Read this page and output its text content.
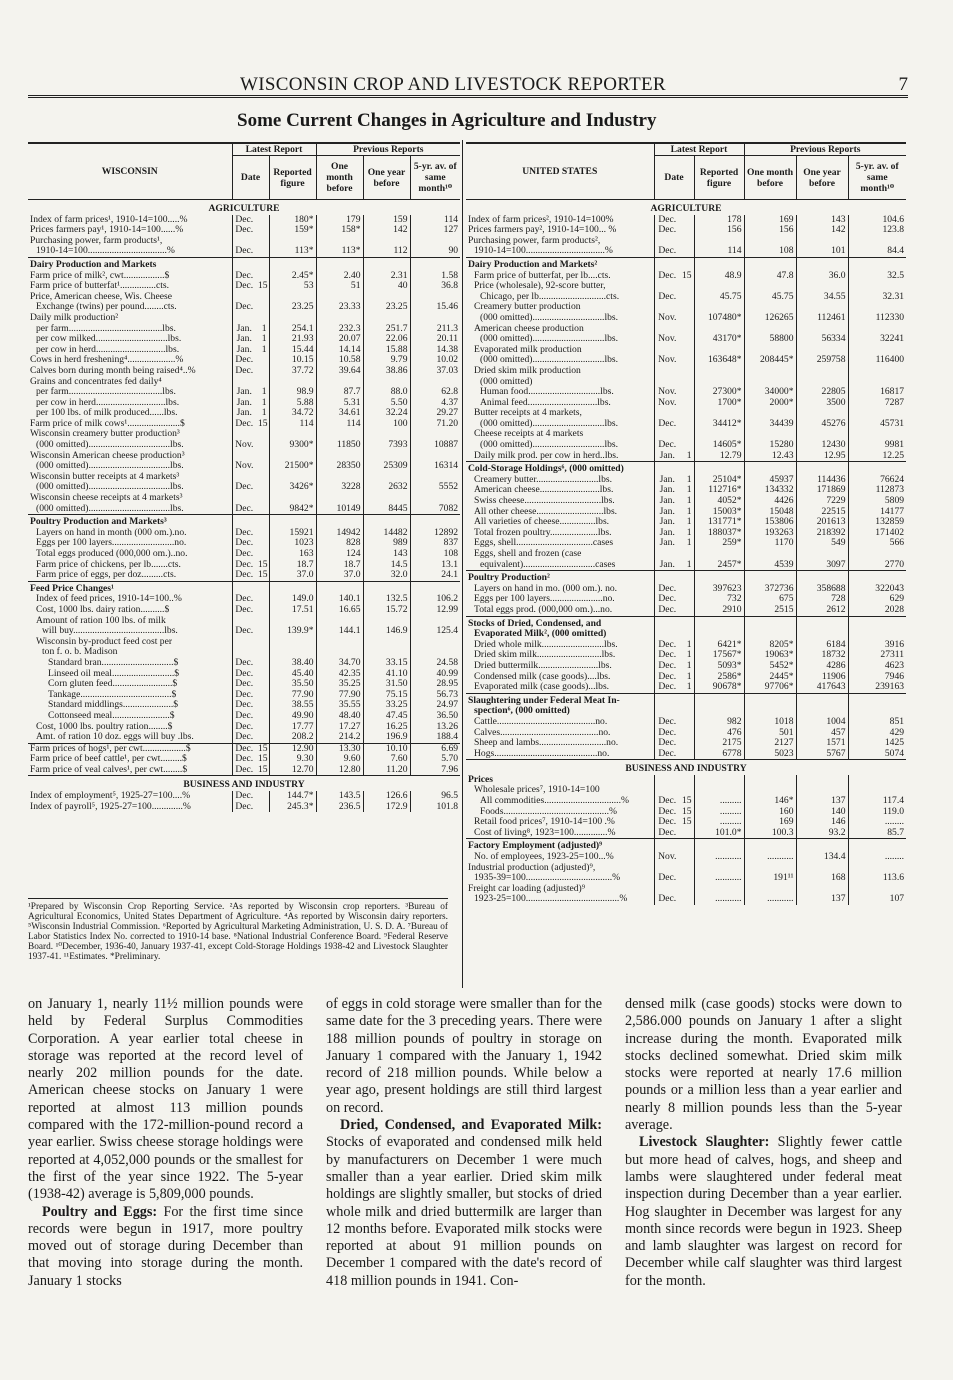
WISCONSIN CROP AND LIVESTOCK REPORTER	7
Some Current Changes in Agriculture and Industry
WISCONSIN	Latest Report			Previous Reports		
	Date		Reported figure	One month before	One year before	5-yr. av. of same month¹⁰
AGRICULTURE						
Index of farm prices¹, 1910-14=100.....%	Dec.		180*	179	159	114
Prices farmers pay¹, 1910-14=100......%	Dec.		159*	158*	142	127
Purchasing power, farm products¹,						
1910-14=100.................................%	Dec.		113*	113*	112	90
Dairy Production and Markets						
Farm price of milk², cwt.................$	Dec.		2.45*	2.40	2.31	1.58
Farm price of butterfat¹...............cts.	Dec.	15	53	51	40	36.8
Price, American cheese, Wis. Cheese						
Exchange (twins) per pound........cts.	Dec.		23.25	23.33	23.25	15.46
Daily milk production²						
per farm.......................................lbs.	Jan.	1	254.1	232.3	251.7	211.3
per cow milked..............................lbs.	Jan.	1	21.93	20.07	22.06	20.11
per cow in herd.............................lbs.	Jan.	1	15.44	14.14	15.88	14.38
Cows in herd freshening⁴....................%	Dec.		10.15	10.58	9.79	10.02
Calves born during month being raised⁴..%	Dec.		37.72	39.64	38.86	37.03
Grains and concentrates fed daily⁴						
per farm.......................................lbs.	Jan.	1	98.9	87.7	88.0	62.8
per cow in herd.............................lbs.	Jan.	1	5.88	5.31	5.50	4.37
per 100 lbs. of milk produced......lbs.	Jan.	1	34.72	34.61	32.24	29.27
Farm price of milk cows¹......................$	Dec.	15	114	114	100	71.20
Wisconsin creamery butter production³						
(000 omitted)..................................lbs.	Nov.		9300*	11850	7393	10887
Wisconsin American cheese production³						
(000 omitted)..................................lbs.	Nov.		21500*	28350	25309	16314
Wisconsin butter receipts at 4 markets³						
(000 omitted)..................................lbs.	Dec.		3426*	3228	2632	5552
Wisconsin cheese receipts at 4 markets³						
(000 omitted)..................................lbs.	Dec.		9842*	10149	8445	7082
Poultry Production and Markets³						
Layers on hand in month (000 om.).no.	Dec.		15921	14942	14482	12892
Eggs per 100 layers..........................no.	Dec.		1023	828	989	837
Total eggs produced (000,000 om.)..no.	Dec.		163	124	143	108
Farm price of chickens, per lb.......cts.	Dec.	15	18.7	18.7	14.5	13.1
Farm price of eggs, per doz.........cts.	Dec.	15	37.0	37.0	32.0	24.1
Feed Price Changes¹						
Index of feed prices, 1910-14=100..%	Dec.		149.0	140.1	132.5	106.2
Cost, 1000 lbs. dairy ration..........$	Dec.		17.51	16.65	15.72	12.99
Amount of ration 100 lbs. of milk						
will buy......................................lbs.	Dec.		139.9*	144.1	146.9	125.4
Wisconsin by-product feed cost per						
ton f. o. b. Madison						
Standard bran..............................$	Dec.		38.40	34.70	33.15	24.58
Linseed oil meal..........................$	Dec.		45.40	42.35	41.10	40.99
Corn gluten feed.........................$	Dec.		35.50	35.25	31.50	28.95
Tankage......................................$	Dec.		77.90	77.90	75.15	56.73
Standard middlings.....................$	Dec.		38.55	35.55	33.25	24.97
Cottonseed meal........................$	Dec.		49.90	48.40	47.45	36.50
Cost, 1000 lbs. poultry ration........$	Dec.		17.77	17.27	16.25	13.26
Amt. of ration 10 doz. eggs will buy .lbs.	Dec.		208.2	214.2	196.9	188.4
Farm prices of hogs¹, per cwt..................$	Dec.	15	12.90	13.30	10.10	6.69
Farm price of beef cattle¹, per cwt.........$	Dec.	15	9.30	9.60	7.60	5.70
Farm price of veal calves¹, per cwt........$	Dec.	15	12.70	12.80	11.20	7.96
BUSINESS AND INDUSTRY						
Index of employment⁵, 1925-27=100....%	Dec.		144.7*	143.5	126.6	96.5
Index of payroll⁵, 1925-27=100.............%	Dec.		245.3*	236.5	172.9	101.8
UNITED STATES	Latest Report			Previous Reports		
	Date		Reported figure	One month before	One year before	5-yr. av. of same month¹⁰
AGRICULTURE						
Index of farm prices², 1910-14=100%	Dec.		178	169	143	104.6
Prices farmers pay², 1910-14=100... %	Dec.		156	156	142	123.8
Purchasing power, farm products²,						
1910-14=100.................................%	Dec.		114	108	101	84.4
Dairy Production and Markets²						
Farm price of butterfat, per lb....cts.	Dec.	15	48.9	47.8	36.0	32.5
Price (wholesale), 92-score butter,						
Chicago, per lb............................cts.	Dec.		45.75	45.75	34.55	32.31
Creamery butter production						
(000 omitted)..............................lbs.	Nov.		107480*	126265	112461	112330
American cheese production						
(000 omitted)..............................lbs.	Nov.		43170*	58800	56334	32241
Evaporated milk production						
(000 omitted)..............................lbs.	Nov.		163648*	208445*	259758	116400
Dried skim milk production						
(000 omitted)						
Human food..............................lbs.	Nov.		27300*	34000*	22805	16817
Animal feed.............................lbs.	Nov.		1700*	2000*	3500	7287
Butter receipts at 4 markets,						
(000 omitted)..............................lbs.	Dec.		34412*	34439	45276	45731
Cheese receipts at 4 markets						
(000 omitted)..............................lbs.	Dec.		14605*	15280	12430	9981
Daily milk prod. per cow in herd..lbs.	Jan.	1	12.79	12.43	12.95	12.25
Cold-Storage Holdings⁶, (000 omitted)						
Creamery butter..........................lbs.	Jan.	1	25104*	45937	114436	76624
American cheese.........................lbs.	Jan.	1	112716*	134332	171869	112873
Swiss cheese................................lbs.	Jan.	1	4052*	4426	7229	5809
All other cheese............................lbs.	Jan.	1	15003*	15048	22515	14177
All varieties of cheese...............lbs.	Jan.	1	131771*	153806	201613	132859
Total frozen poultry....................lbs.	Jan.	1	188037*	193263	218392	171402
Eggs, shell................................cases	Jan.	1	259*	1170	549	566
Eggs, shell and frozen (case						
equivalent)..............................cases	Jan.	1	2457*	4539	3097	2770
Poultry Production²						
Layers on hand in mo. (000 om.). no.	Dec.		397623	372736	358688	322043
Eggs per 100 layers......................no.	Dec.		732	675	728	629
Total eggs prod. (000,000 om.)...no.	Dec.		2910	2515	2612	2028
Stocks of Dried, Condensed, and						
Evaporated Milk², (000 omitted)						
Dried whole milk..........................lbs.	Dec.	1	6421*	8205*	6184	3916
Dried skim milk...........................lbs.	Dec.	1	17567*	19063*	18732	27311
Dried buttermilk.........................lbs.	Dec.	1	5093*	5452*	4286	4623
Condensed milk (case goods)....lbs.	Dec.	1	2586*	2445*	11906	7946
Evaporated milk (case goods)...lbs.	Dec.	1	90678*	97706*	417643	239163
Slaughtering under Federal Meat In-						
spection⁶, (000 omitted)						
Cattle.........................................no.	Dec.		982	1018	1004	851
Calves.........................................no.	Dec.		476	501	457	429
Sheep and lambs............................no.	Dec.		2175	2127	1571	1425
Hogs...........................................no.	Dec.		6778	5023	5767	5074
BUSINESS AND INDUSTRY						
Prices						
Wholesale prices⁷, 1910-14=100						
All commodities................................%	Dec.	15	.........	146*	137	117.4
Foods............................................%	Dec.	15	.........	160	140	119.0
Retail food prices⁷, 1910-14=100 .%	Dec.	15	.........	169	146	........
Cost of living⁸, 1923=100..............%	Dec.		101.0*	100.3	93.2	85.7
Factory Employment (adjusted)⁹						
No. of employees, 1923-25=100...%	Nov.		...........	...........	134.4	........
Industrial production (adjusted)⁹,						
1935-39=100....................................%	Dec.		...........	191¹¹	168	113.6
Freight car loading (adjusted)⁹						
1923-25=100.......................................%	Dec.		...........	...........	137	107
¹Prepared by Wisconsin Crop Reporting Service. ²As reported by Wisconsin crop reporters. ³Bureau of Agricultural Economics, United States Department of Agriculture. ⁴As reported by Wisconsin dairy reporters. ⁵Wisconsin Industrial Commission. ⁶Reported by Agricultural Marketing Administration, U. S. D. A. ⁷Bureau of Labor Statistics Index No. corrected to 1910-14 base. ⁸National Industrial Conference Board. ⁹Federal Reserve Board. ¹⁰December, 1936-40, January 1937-41, except Cold-Storage Holdings 1938-42 and Livestock Slaughter 1937-41. ¹¹Estimates. *Preliminary.

on January 1, nearly 11½ million pounds were held by Federal Surplus Commodities Corporation. A year earlier total cheese in storage was reported at the record level of nearly 202 million pounds for the date. American cheese stocks on January 1 were reported at almost 113 million pounds compared with the 172-million-pound record a year earlier. Swiss cheese storage holdings were reported at 4,052,000 pounds or the smallest for the first of the year since 1922. The 5-year (1938-42) average is 5,809,000 pounds.

Poultry and Eggs: For the first time since records were begun in 1917, more poultry moved out of storage during December than that moving into storage during the month. January 1 stocks

of eggs in cold storage were smaller than for the same date for the 3 preceding years. There were 188 million pounds of poultry in storage on January 1 compared with the January 1, 1942 record of 218 million pounds. While below a year ago, present holdings are still third largest on record.

Dried, Condensed, and Evaporated Milk: Stocks of evaporated and condensed milk held by manufacturers on December 1 were much smaller than a year earlier. Dried skim milk holdings are slightly smaller, but stocks of dried whole milk and dried buttermilk are larger than 12 months before. Evaporated milk stocks were reported at about 91 million pounds on December 1 compared with the date's record of 418 million pounds in 1941. Con-

densed milk (case goods) stocks were down to 2,586.000 pounds on January 1 after a slight increase during the month. Evaporated milk stocks declined somewhat. Dried skim milk stocks were reported at nearly 17.6 million pounds or a million less than a year earlier and nearly 8 million pounds less than the 5-year average.

Livestock Slaughter: Slightly fewer cattle but more head of calves, hogs, and sheep and lambs were slaughtered under federal meat inspection during December than a year earlier. Hog slaughter in December was largest for any month since records were begun in 1923. Sheep and lamb slaughter was largest on record for December while calf slaughter was third largest for the month.
